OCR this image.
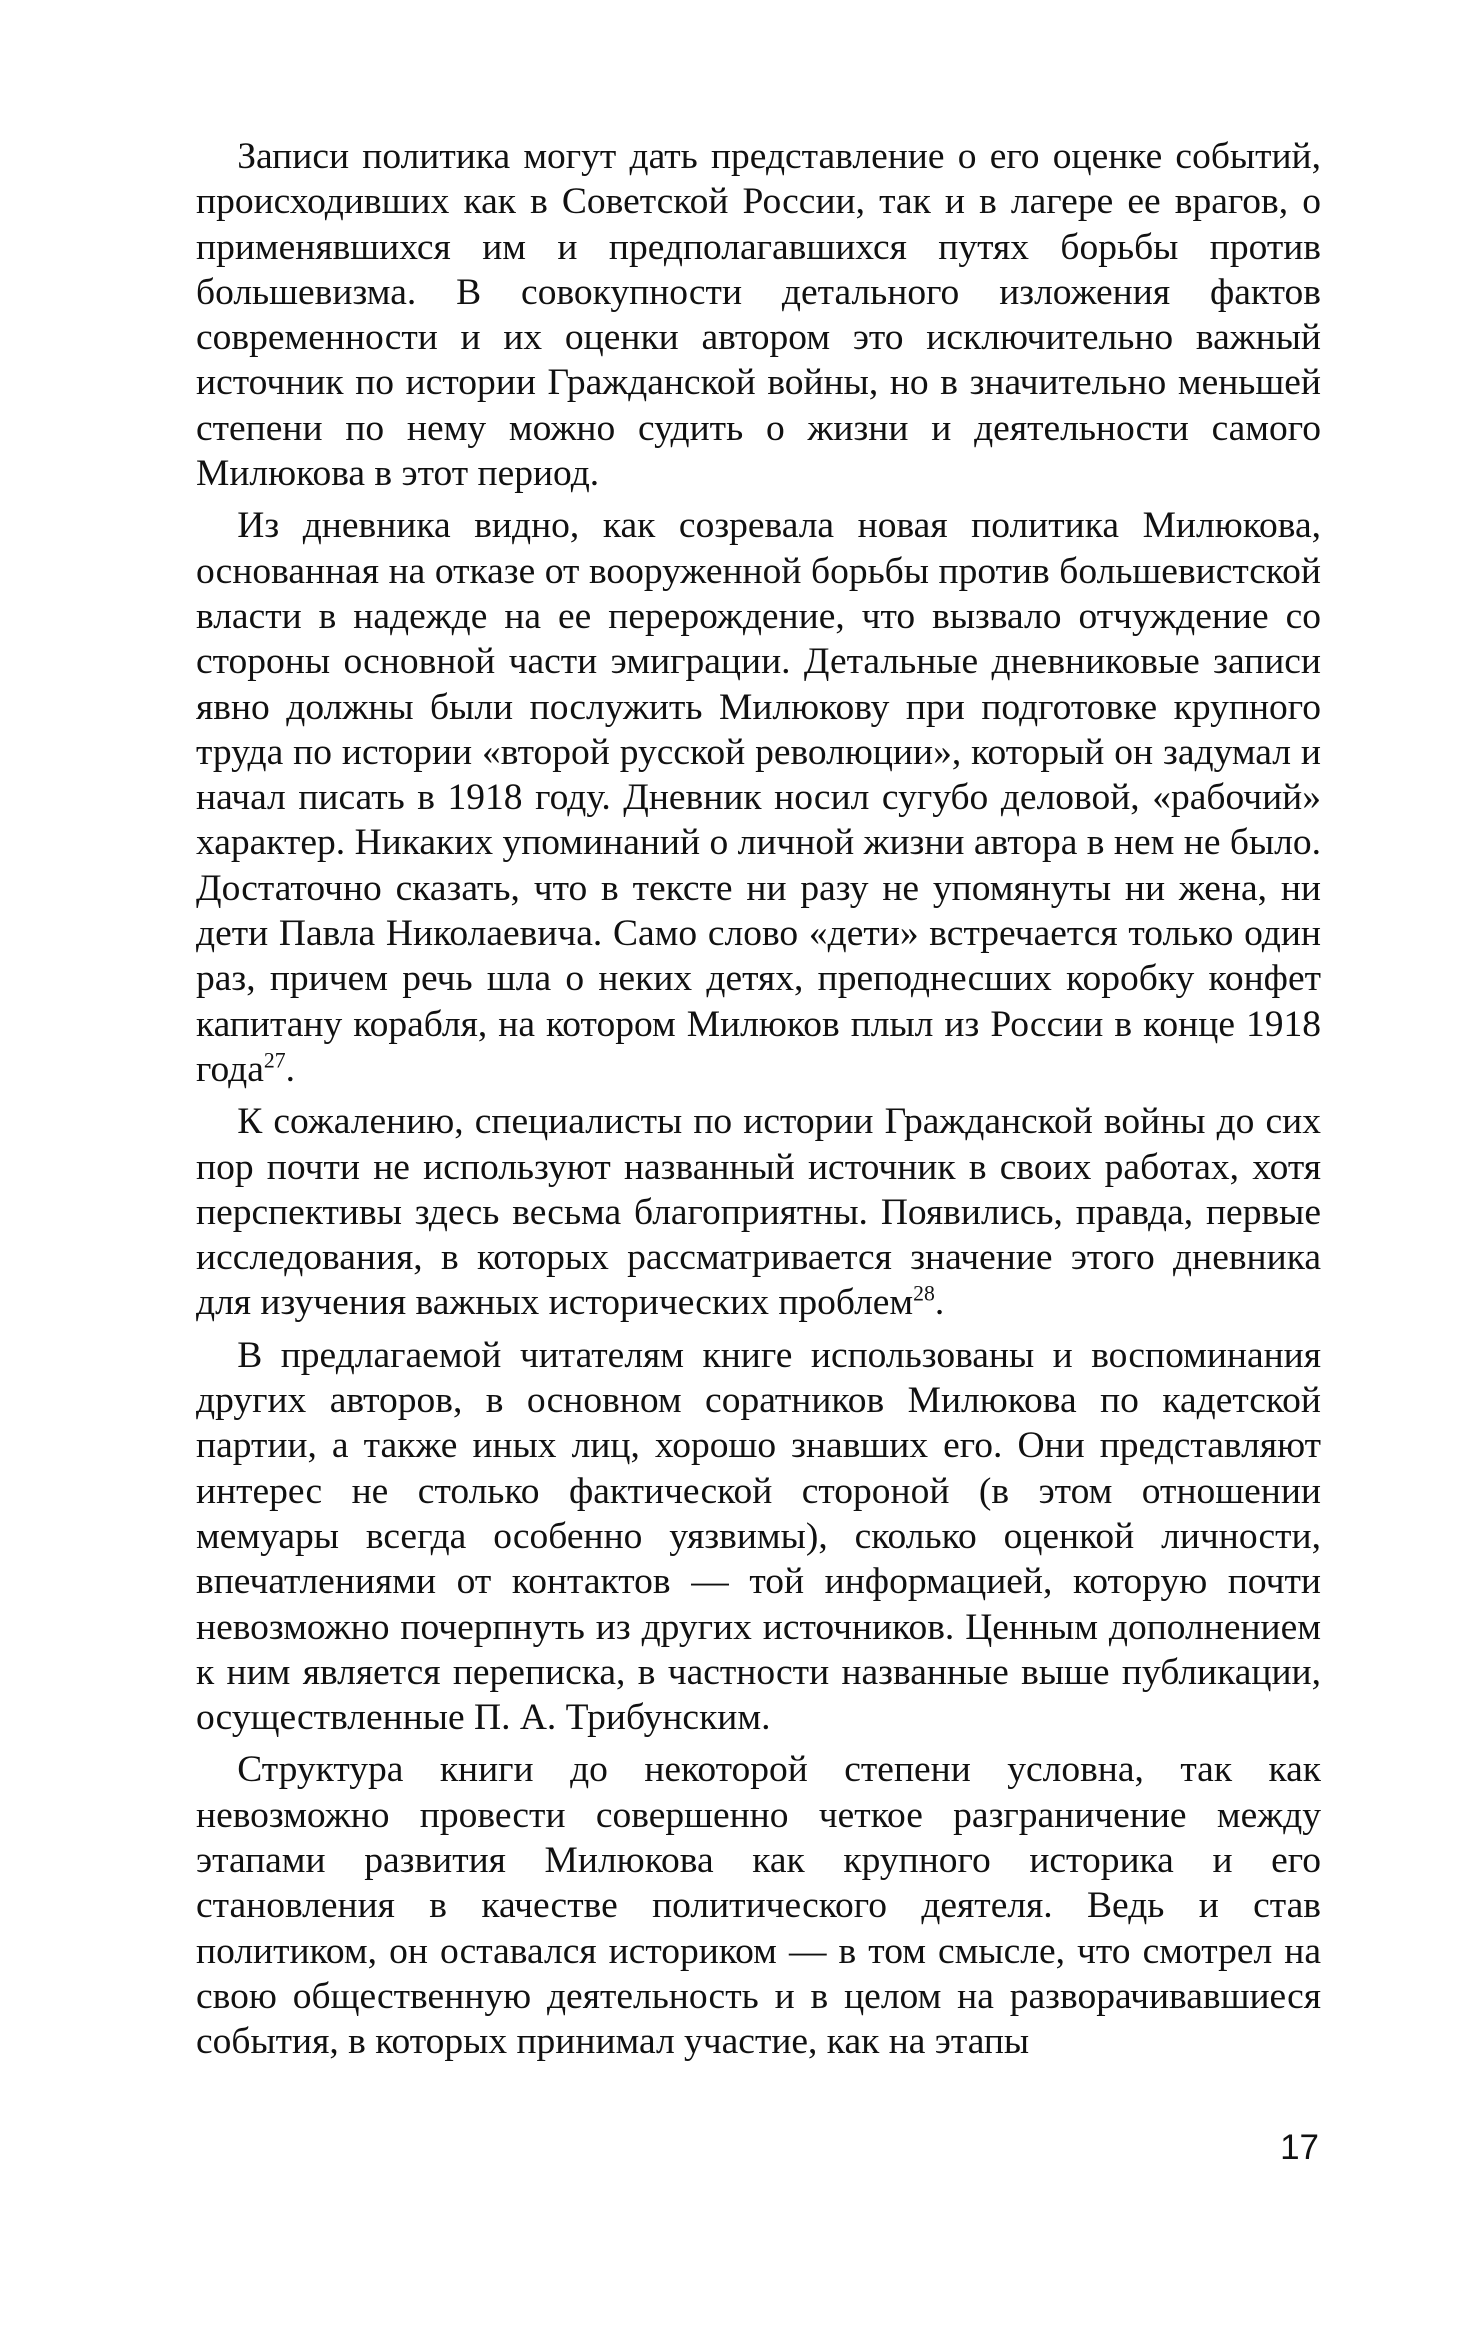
Записи политика могут дать представление о его оценке событий, происходивших как в Советской России, так и в лагере ее врагов, о применявшихся им и предполагавшихся путях борьбы против большевизма. В совокупности детального изложения фактов современности и их оценки автором это исключительно важный источник по истории Гражданской войны, но в значительно меньшей степени по нему можно судить о жизни и деятельности самого Милюкова в этот период.

Из дневника видно, как созревала новая политика Милюкова, основанная на отказе от вооруженной борьбы против большевистской власти в надежде на ее перерождение, что вызвало отчуждение со стороны основной части эмиграции. Детальные дневниковые записи явно должны были послужить Милюкову при подготовке крупного труда по истории «второй русской революции», который он задумал и начал писать в 1918 году. Дневник носил сугубо деловой, «рабочий» характер. Никаких упоминаний о личной жизни автора в нем не было. Достаточно сказать, что в тексте ни разу не упомянуты ни жена, ни дети Павла Николаевича. Само слово «дети» встречается только один раз, причем речь шла о неких детях, преподнесших коробку конфет капитану корабля, на котором Милюков плыл из России в конце 1918 года$^{27}$.

К сожалению, специалисты по истории Гражданской войны до сих пор почти не используют названный источник в своих работах, хотя перспективы здесь весьма благоприятны. Появились, правда, первые исследования, в которых рассматривается значение этого дневника для изучения важных исторических проблем$^{28}$.

В предлагаемой читателям книге использованы и воспоминания других авторов, в основном соратников Милюкова по кадетской партии, а также иных лиц, хорошо знавших его. Они представляют интерес не столько фактической стороной (в этом отношении мемуары всегда особенно уязвимы), сколько оценкой личности, впечатлениями от контактов — той информацией, которую почти невозможно почерпнуть из других источников. Ценным дополнением к ним является переписка, в частности названные выше публикации, осуществленные П. А. Трибунским.

Структура книги до некоторой степени условна, так как невозможно провести совершенно четкое разграничение между этапами развития Милюкова как крупного историка и его становления в качестве политического деятеля. Ведь и став политиком, он оставался историком — в том смысле, что смотрел на свою общественную деятельность и в целом на разворачивавшиеся события, в которых принимал участие, как на этапы

17
